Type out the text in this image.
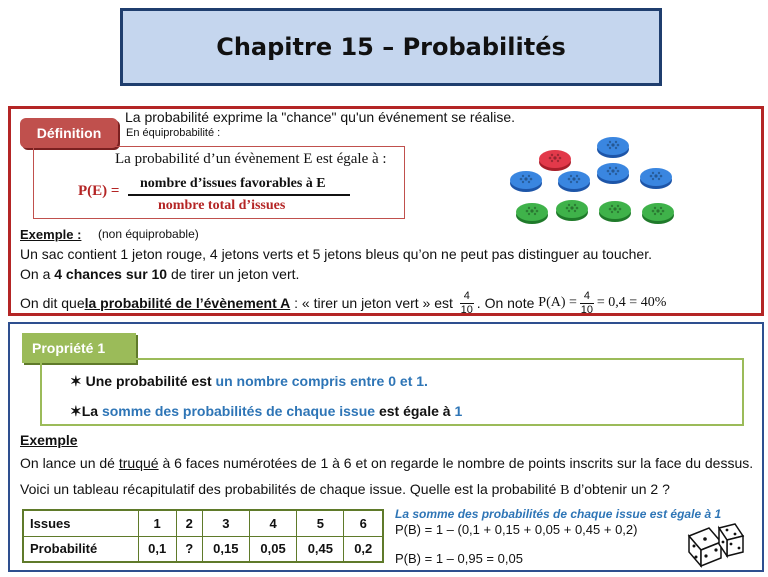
Chapitre 15 – Probabilités
Définition
La probabilité exprime la "chance" qu'un événement se réalise.
En équiprobabilité :
La probabilité d’un évènement E est égale à :
P(E) = nombre d’issues favorables à E
nombre total d’issues
Exemple : (non équiprobable)
Un sac contient 1 jeton rouge, 4 jetons verts et 5 jetons bleus qu’on ne peut pas distinguer au toucher.
On a 4 chances sur 10 de tirer un jeton vert.
On dit que la probabilité de l’évènement A : « tirer un jeton vert » est $\frac{4}{10}$ . On note $P(A) = \frac{4}{10} = 0,4 = 40\%$
Propriété 1
✶ Une probabilité est un nombre compris entre 0 et 1.
✶La somme des probabilités de chaque issue est égale à 1
Exemple
On lance un dé truqué à 6 faces numérotées de 1 à 6 et on regarde le nombre de points inscrits sur la face du dessus.
Voici un tableau récapitulatif des probabilités de chaque issue. Quelle est la probabilité B d’obtenir un 2 ?
Issues	1	2	3	4	5	6
Probabilité	0,1	?	0,15	0,05	0,45	0,2
La somme des probabilités de chaque issue est égale à 1
P(B) = 1 – (0,1 + 0,15 + 0,05 + 0,45 + 0,2)
P(B) = 1 – 0,95 = 0,05
